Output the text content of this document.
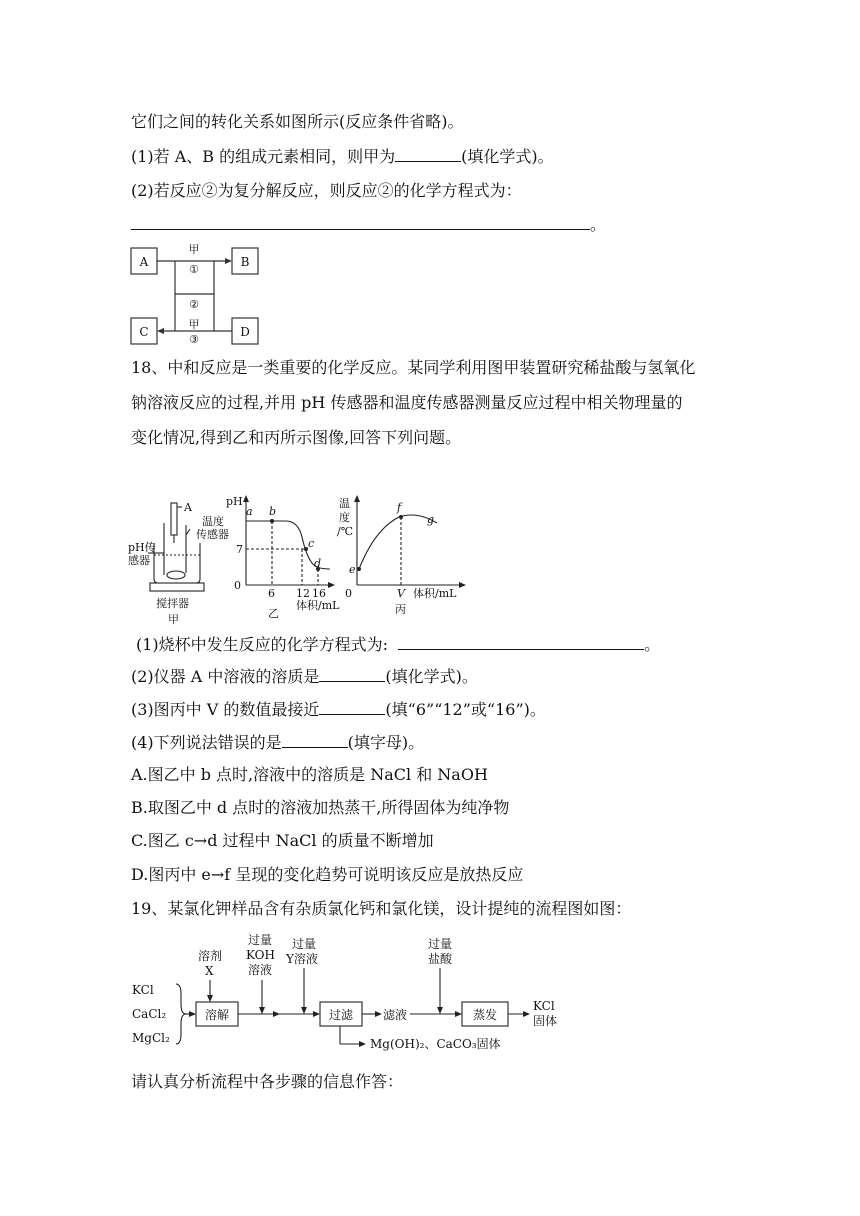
它们之间的转化关系如图所示(反应条件省略)。
(1)若 A、B 的组成元素相同，则甲为	(填化学式)。
(2)若反应②为复分解反应，则反应②的化学方程式为：
。
A	B
C	D
甲
①
②
甲
③
18、中和反应是一类重要的化学反应。某同学利用图甲装置研究稀盐酸与氢氧化
钠溶液反应的过程,并用 pH 传感器和温度传感器测量反应过程中相关物理量的
变化情况,得到乙和丙所示图像,回答下列问题。
A
温度
传感器
pH传
感器
搅拌器
甲
pH
7
0
a b
c
d
6 12 16
体积/mL
乙
温
度
/℃
0
e
f
g
V 体积/mL
丙
(1)烧杯中发生反应的化学方程式为:	。
(2)仪器 A 中溶液的溶质是	(填化学式)。
(3)图丙中 V 的数值最接近	(填“6”“12”或“16”)。
(4)下列说法错误的是	(填字母)。
A.图乙中 b 点时,溶液中的溶质是 NaCl 和 NaOH
B.取图乙中 d 点时的溶液加热蒸干,所得固体为纯净物
C.图乙 c→d 过程中 NaCl 的质量不断增加
D.图丙中 e→f 呈现的变化趋势可说明该反应是放热反应
19、某氯化钾样品含有杂质氯化钙和氯化镁，设计提纯的流程图如图：
KCl
CaCl₂
MgCl₂
溶剂
X
过量
KOH
溶液
过量
Y溶液
过量
盐酸
溶解	过滤 滤液	蒸发
KCl
固体
Mg(OH)₂、CaCO₃固体
请认真分析流程中各步骤的信息作答：
